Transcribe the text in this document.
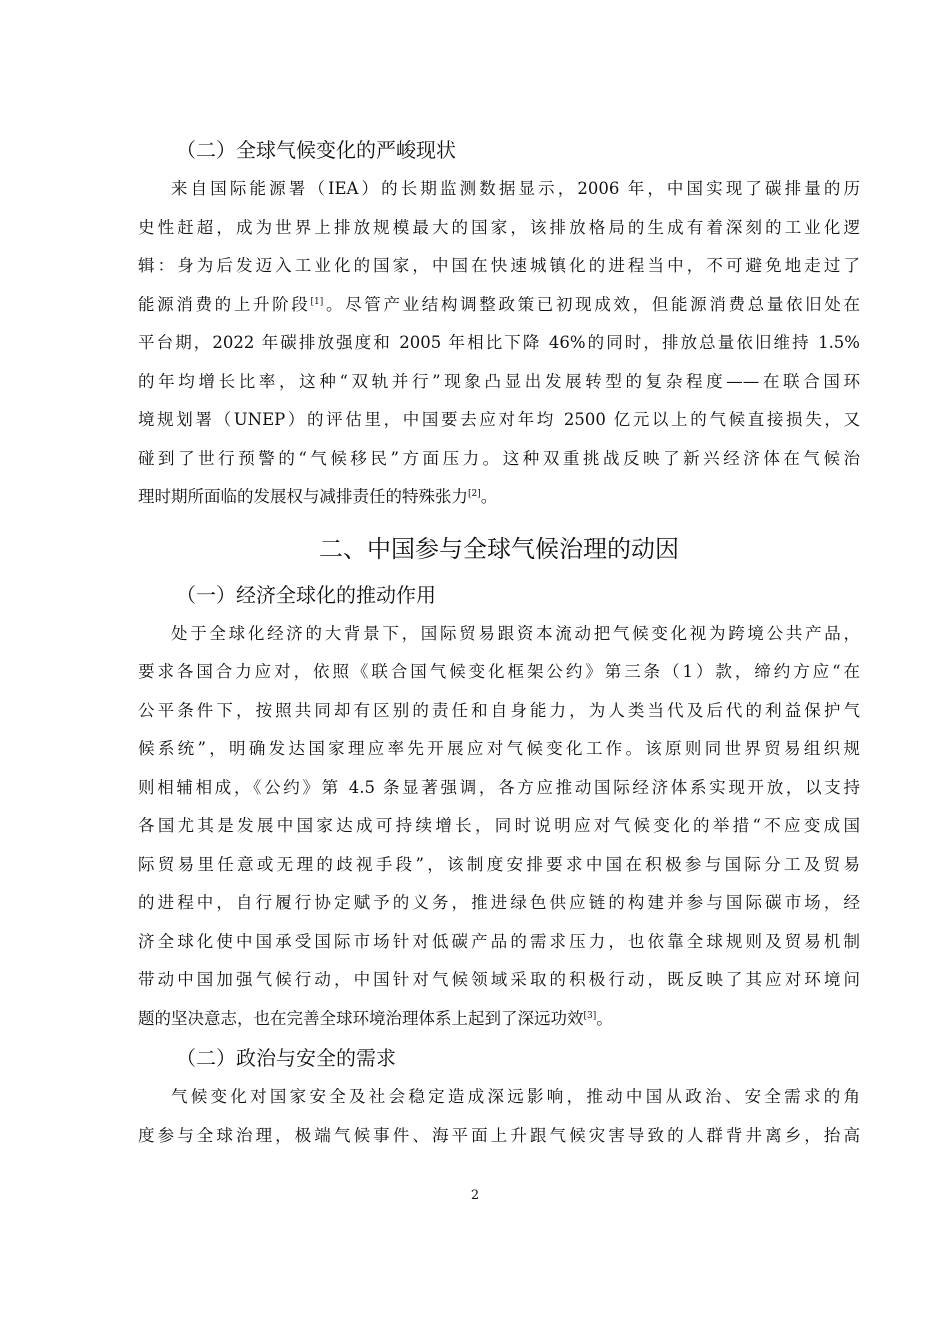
（二）全球气候变化的严峻现状
来自国际能源署（IEA）的长期监测数据显示，2006 年，中国实现了碳排量的历
史性赶超，成为世界上排放规模最大的国家，该排放格局的生成有着深刻的工业化逻
辑：身为后发迈入工业化的国家，中国在快速城镇化的进程当中，不可避免地走过了
能源消费的上升阶段[1]。尽管产业结构调整政策已初现成效，但能源消费总量依旧处在
平台期，2022 年碳排放强度和 2005 年相比下降 46%的同时，排放总量依旧维持 1.5%
的年均增长比率，这种“双轨并行”现象凸显出发展转型的复杂程度——在联合国环
境规划署（UNEP）的评估里，中国要去应对年均 2500 亿元以上的气候直接损失，又
碰到了世行预警的“气候移民”方面压力。这种双重挑战反映了新兴经济体在气候治
理时期所面临的发展权与减排责任的特殊张力[2]。
二、中国参与全球气候治理的动因
（一）经济全球化的推动作用
处于全球化经济的大背景下，国际贸易跟资本流动把气候变化视为跨境公共产品，
要求各国合力应对，依照《联合国气候变化框架公约》第三条（1）款，缔约方应“在
公平条件下，按照共同却有区别的责任和自身能力，为人类当代及后代的利益保护气
候系统”，明确发达国家理应率先开展应对气候变化工作。该原则同世界贸易组织规
则相辅相成，《公约》第 4.5 条显著强调，各方应推动国际经济体系实现开放，以支持
各国尤其是发展中国家达成可持续增长，同时说明应对气候变化的举措“不应变成国
际贸易里任意或无理的歧视手段”，该制度安排要求中国在积极参与国际分工及贸易
的进程中，自行履行协定赋予的义务，推进绿色供应链的构建并参与国际碳市场，经
济全球化使中国承受国际市场针对低碳产品的需求压力，也依靠全球规则及贸易机制
带动中国加强气候行动，中国针对气候领域采取的积极行动，既反映了其应对环境问
题的坚决意志，也在完善全球环境治理体系上起到了深远功效[3]。
（二）政治与安全的需求
气候变化对国家安全及社会稳定造成深远影响，推动中国从政治、安全需求的角
度参与全球治理，极端气候事件、海平面上升跟气候灾害导致的人群背井离乡，抬高
2
